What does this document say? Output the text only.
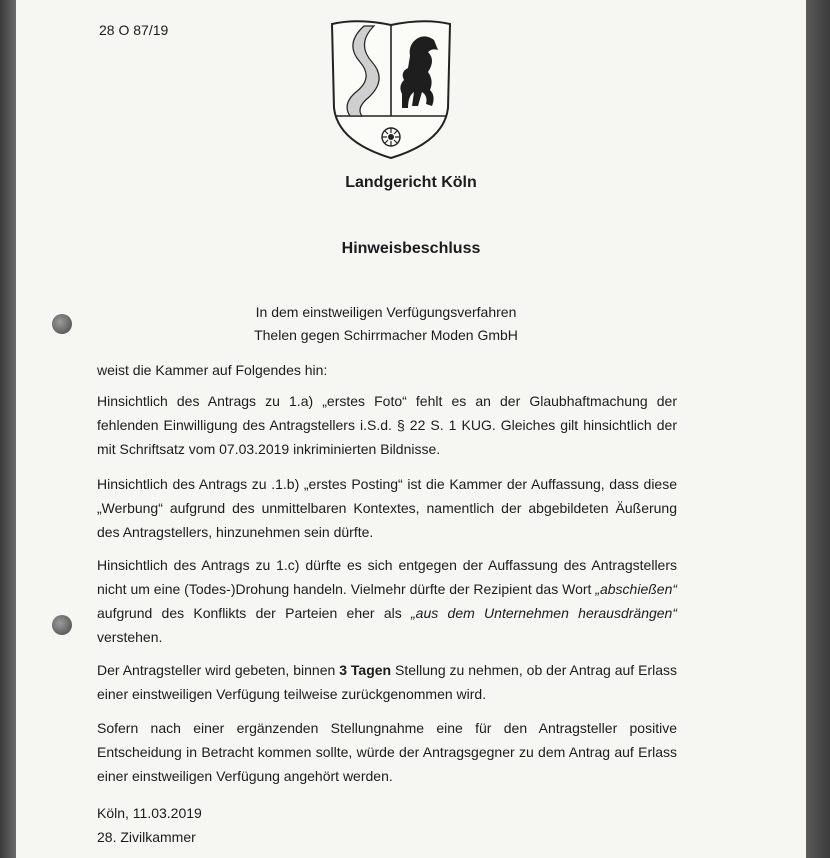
28 O 87/19
Landgericht Köln
Hinweisbeschluss
In dem einstweiligen Verfügungsverfahren
Thelen gegen Schirrmacher Moden GmbH

weist die Kammer auf Folgendes hin:

Hinsichtlich des Antrags zu 1.a) „erstes Foto“ fehlt es an der Glaubhaftmachung der fehlenden Einwilligung des Antragstellers i.S.d. § 22 S. 1 KUG. Gleiches gilt hinsichtlich der mit Schriftsatz vom 07.03.2019 inkriminierten Bildnisse.

Hinsichtlich des Antrags zu .1.b) „erstes Posting“ ist die Kammer der Auffassung, dass diese „Werbung“ aufgrund des unmittelbaren Kontextes, namentlich der abgebildeten Äußerung des Antragstellers, hinzunehmen sein dürfte.

Hinsichtlich des Antrags zu 1.c) dürfte es sich entgegen der Auffassung des Antragstellers nicht um eine (Todes-)Drohung handeln. Vielmehr dürfte der Rezipient das Wort „abschießen“ aufgrund des Konflikts der Parteien eher als „aus dem Unternehmen herausdrängen“ verstehen.

Der Antragsteller wird gebeten, binnen 3 Tagen Stellung zu nehmen, ob der Antrag auf Erlass einer einstweiligen Verfügung teilweise zurückgenommen wird.

Sofern nach einer ergänzenden Stellungnahme eine für den Antragsteller positive Entscheidung in Betracht kommen sollte, würde der Antragsgegner zu dem Antrag auf Erlass einer einstweiligen Verfügung angehört werden.

Köln, 11.03.2019
28. Zivilkammer
